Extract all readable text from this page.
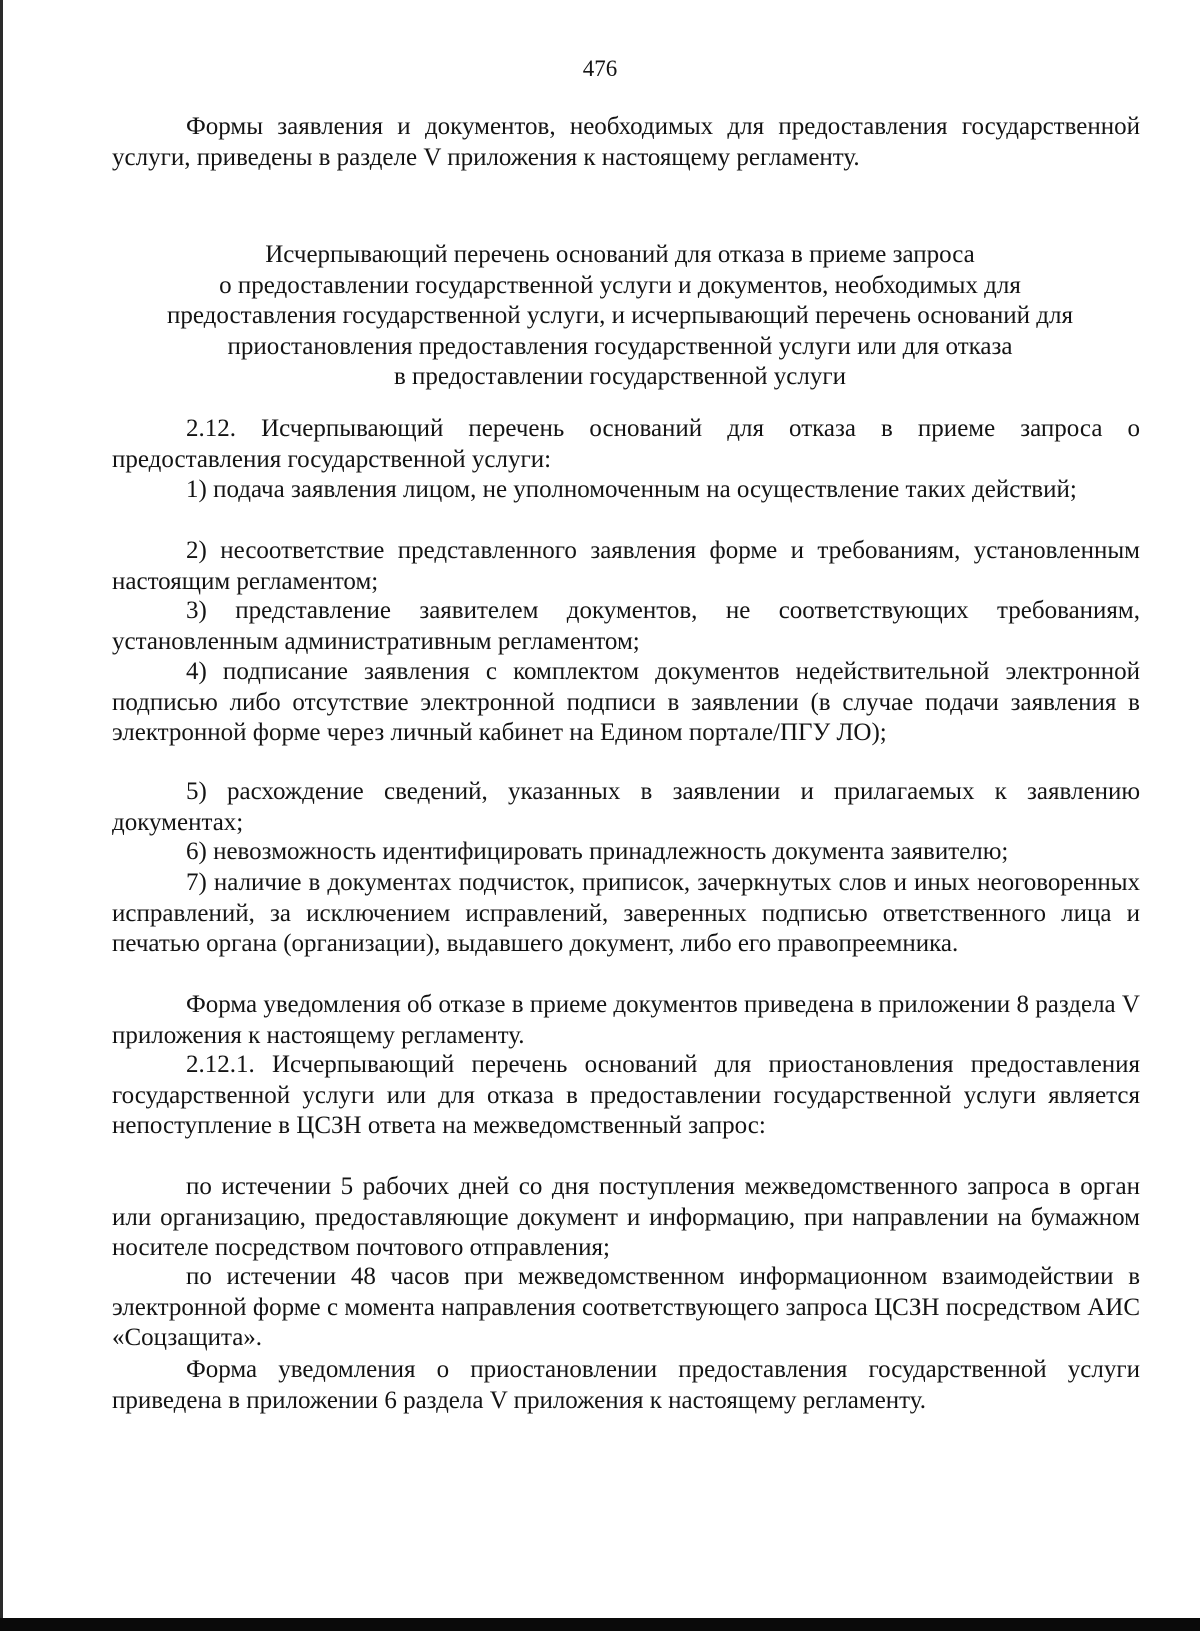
476

Формы заявления и документов, необходимых для предоставления государственной услуги, приведены в разделе V приложения к настоящему регламенту.

Исчерпывающий перечень оснований для отказа в приеме запроса
о предоставлении государственной услуги и документов, необходимых для
предоставления государственной услуги, и исчерпывающий перечень оснований для
приостановления предоставления государственной услуги или для отказа
в предоставлении государственной услуги

2.12. Исчерпывающий перечень оснований для отказа в приеме запроса о предоставления государственной услуги:

1) подача заявления лицом, не уполномоченным на осуществление таких действий;

2) несоответствие представленного заявления форме и требованиям, установленным настоящим регламентом;

3) представление заявителем документов, не соответствующих требованиям, установленным административным регламентом;

4) подписание заявления с комплектом документов недействительной электронной подписью либо отсутствие электронной подписи в заявлении (в случае подачи заявления в электронной форме через личный кабинет на Едином портале/ПГУ ЛО);

5) расхождение сведений, указанных в заявлении и прилагаемых к заявлению документах;

6) невозможность идентифицировать принадлежность документа заявителю;

7) наличие в документах подчисток, приписок, зачеркнутых слов и иных неоговоренных исправлений, за исключением исправлений, заверенных подписью ответственного лица и печатью органа (организации), выдавшего документ, либо его правопреемника.

Форма уведомления об отказе в приеме документов приведена в приложении 8 раздела V приложения к настоящему регламенту.

2.12.1. Исчерпывающий перечень оснований для приостановления предоставления государственной услуги или для отказа в предоставлении государственной услуги является непоступление в ЦСЗН ответа на межведомственный запрос:

по истечении 5 рабочих дней со дня поступления межведомственного запроса в орган или организацию, предоставляющие документ и информацию, при направлении на бумажном носителе посредством почтового отправления;

по истечении 48 часов при межведомственном информационном взаимодействии в электронной форме с момента направления соответствующего запроса ЦСЗН посредством АИС «Соцзащита».

Форма уведомления о приостановлении предоставления государственной услуги приведена в приложении 6 раздела V приложения к настоящему регламенту.
